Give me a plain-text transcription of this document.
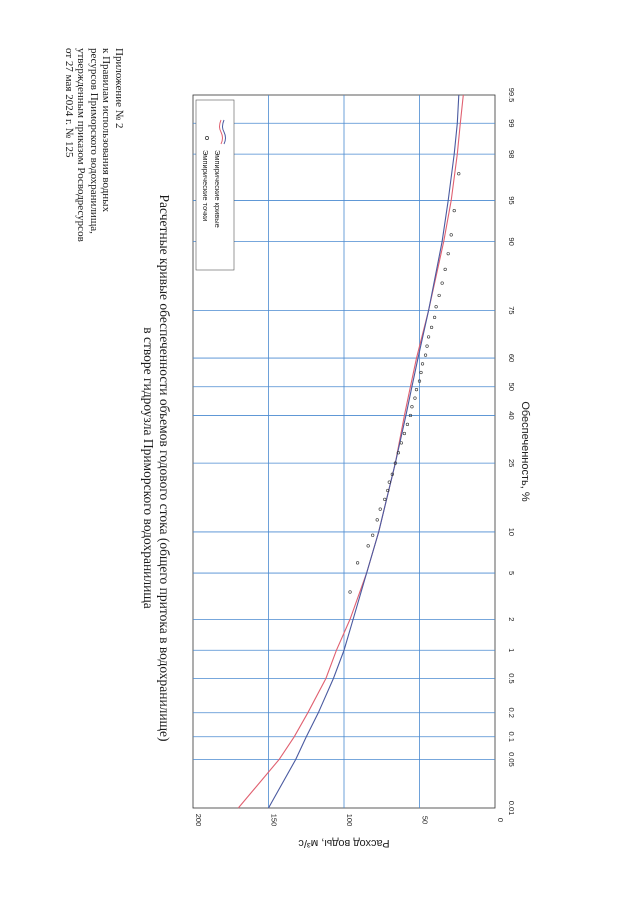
Приложение № 2
к Правилам использования водных
ресурсов Приморского водохранилища,
утвержденным приказом Росводресурсов
от 27 мая 2024 г. № 125
Расчетные кривые обеспеченности объемов годового стока (общего притока в водохранилище)
в створе гидроузла Приморского водохранилища
Эмпирические точки Эмпирические кривые
0
50
100
150
200
0.01
0.05
0.1
0.2
0.5
1
2
5
10
25
40
50
60
75
90
95
98
99
99.5
Обеспеченность, %
Расход воды, м³/с
